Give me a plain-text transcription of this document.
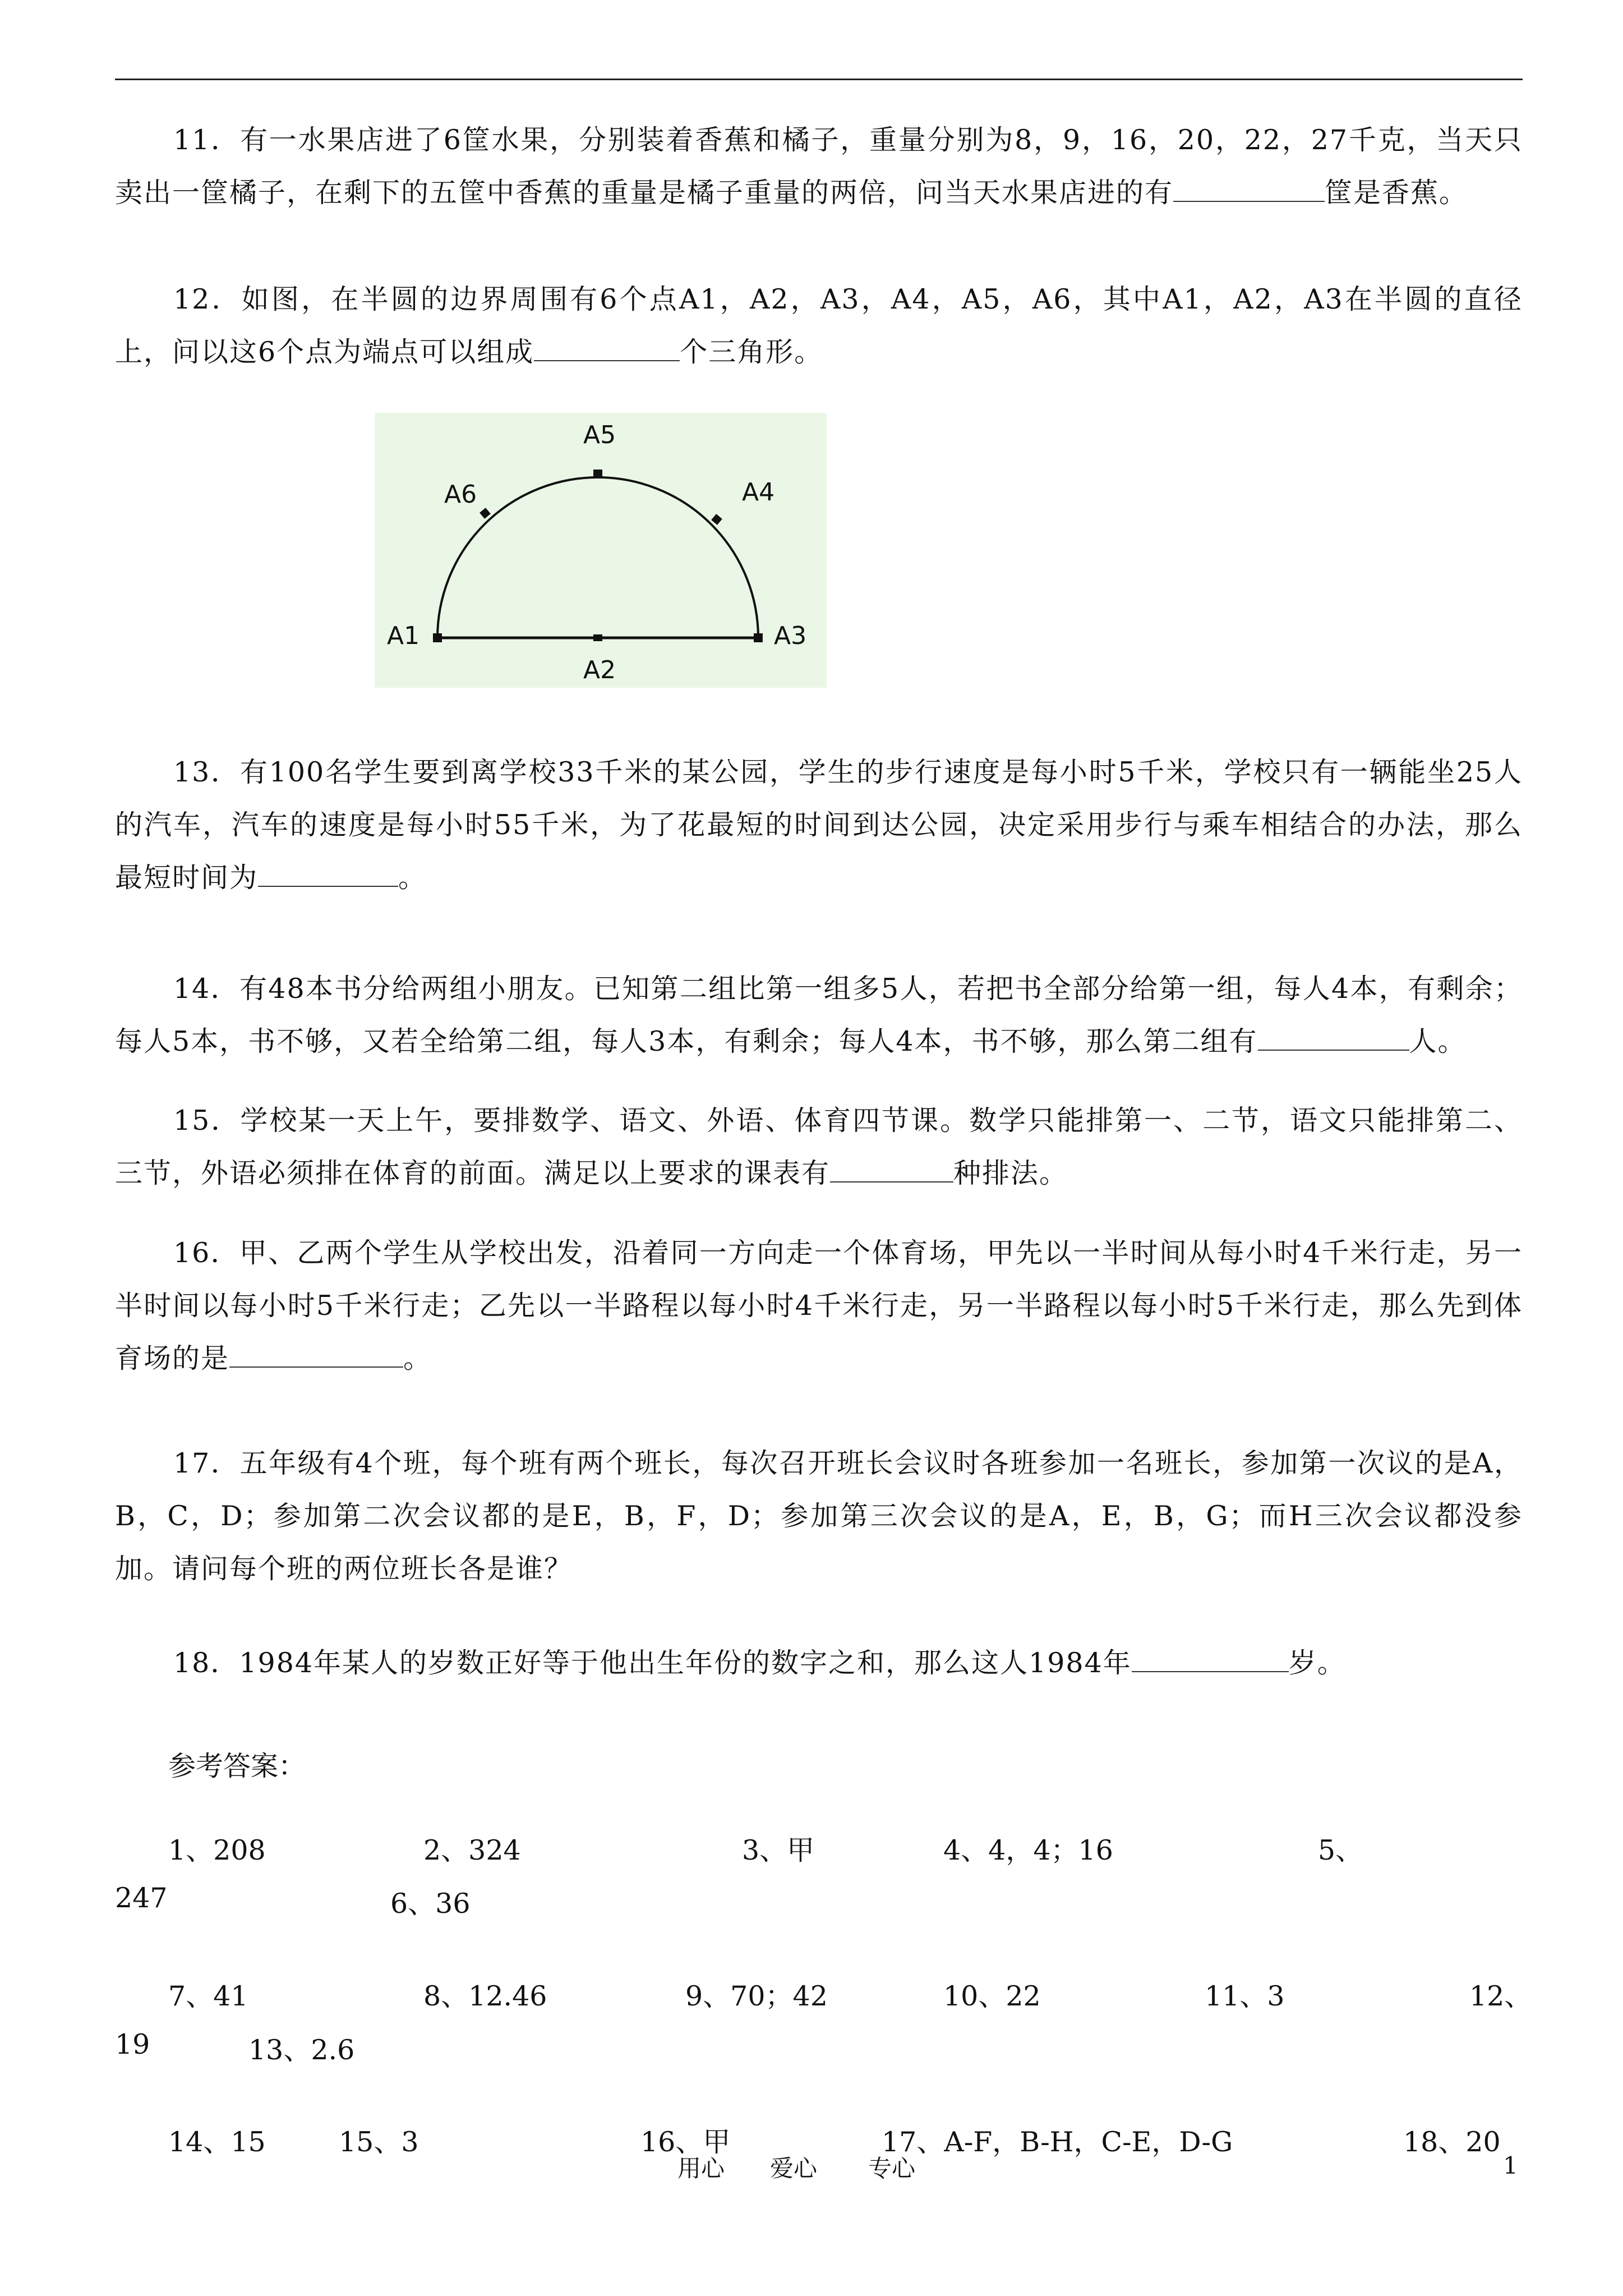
11．有一水果店进了6筐水果，分别装着香蕉和橘子，重量分别为8，9，16，20，22，27千克，当天只卖出一筐橘子，在剩下的五筐中香蕉的重量是橘子重量的两倍，问当天水果店进的有	筐是香蕉。
12．如图，在半圆的边界周围有6个点A1，A2，A3，A4，A5，A6，其中A1，A2，A3在半圆的直径上，问以这6个点为端点可以组成	个三角形。
A1
A2
A3
A4
A5
A6
13．有100名学生要到离学校33千米的某公园，学生的步行速度是每小时5千米，学校只有一辆能坐25人的汽车，汽车的速度是每小时55千米，为了花最短的时间到达公园，决定采用步行与乘车相结合的办法，那么最短时间为	。
14．有48本书分给两组小朋友。已知第二组比第一组多5人，若把书全部分给第一组，每人4本，有剩余；每人5本，书不够，又若全给第二组，每人3本，有剩余；每人4本，书不够，那么第二组有	人。
15．学校某一天上午，要排数学、语文、外语、体育四节课。数学只能排第一、二节，语文只能排第二、三节，外语必须排在体育的前面。满足以上要求的课表有	种排法。
16．甲、乙两个学生从学校出发，沿着同一方向走一个体育场，甲先以一半时间从每小时4千米行走，另一半时间以每小时5千米行走；乙先以一半路程以每小时4千米行走，另一半路程以每小时5千米行走，那么先到体育场的是	。
17．五年级有4个班，每个班有两个班长，每次召开班长会议时各班参加一名班长，参加第一次议的是A，B，C，D；参加第二次会议都的是E，B，F，D；参加第三次会议的是A，E，B，G；而H三次会议都没参加。请问每个班的两位班长各是谁？
18．1984年某人的岁数正好等于他出生年份的数字之和，那么这人1984年	岁。
参考答案：
1、208	2、324	3、甲	4、4，4；16	5、
247	6、36
7、41	8、12.46	9、70；42	10、22	11、3	12、
19	13、2.6
14、15	15、3	16、甲	17、A-F，B-H，C-E，D-G	18、20
用心 爱心 专心	1
